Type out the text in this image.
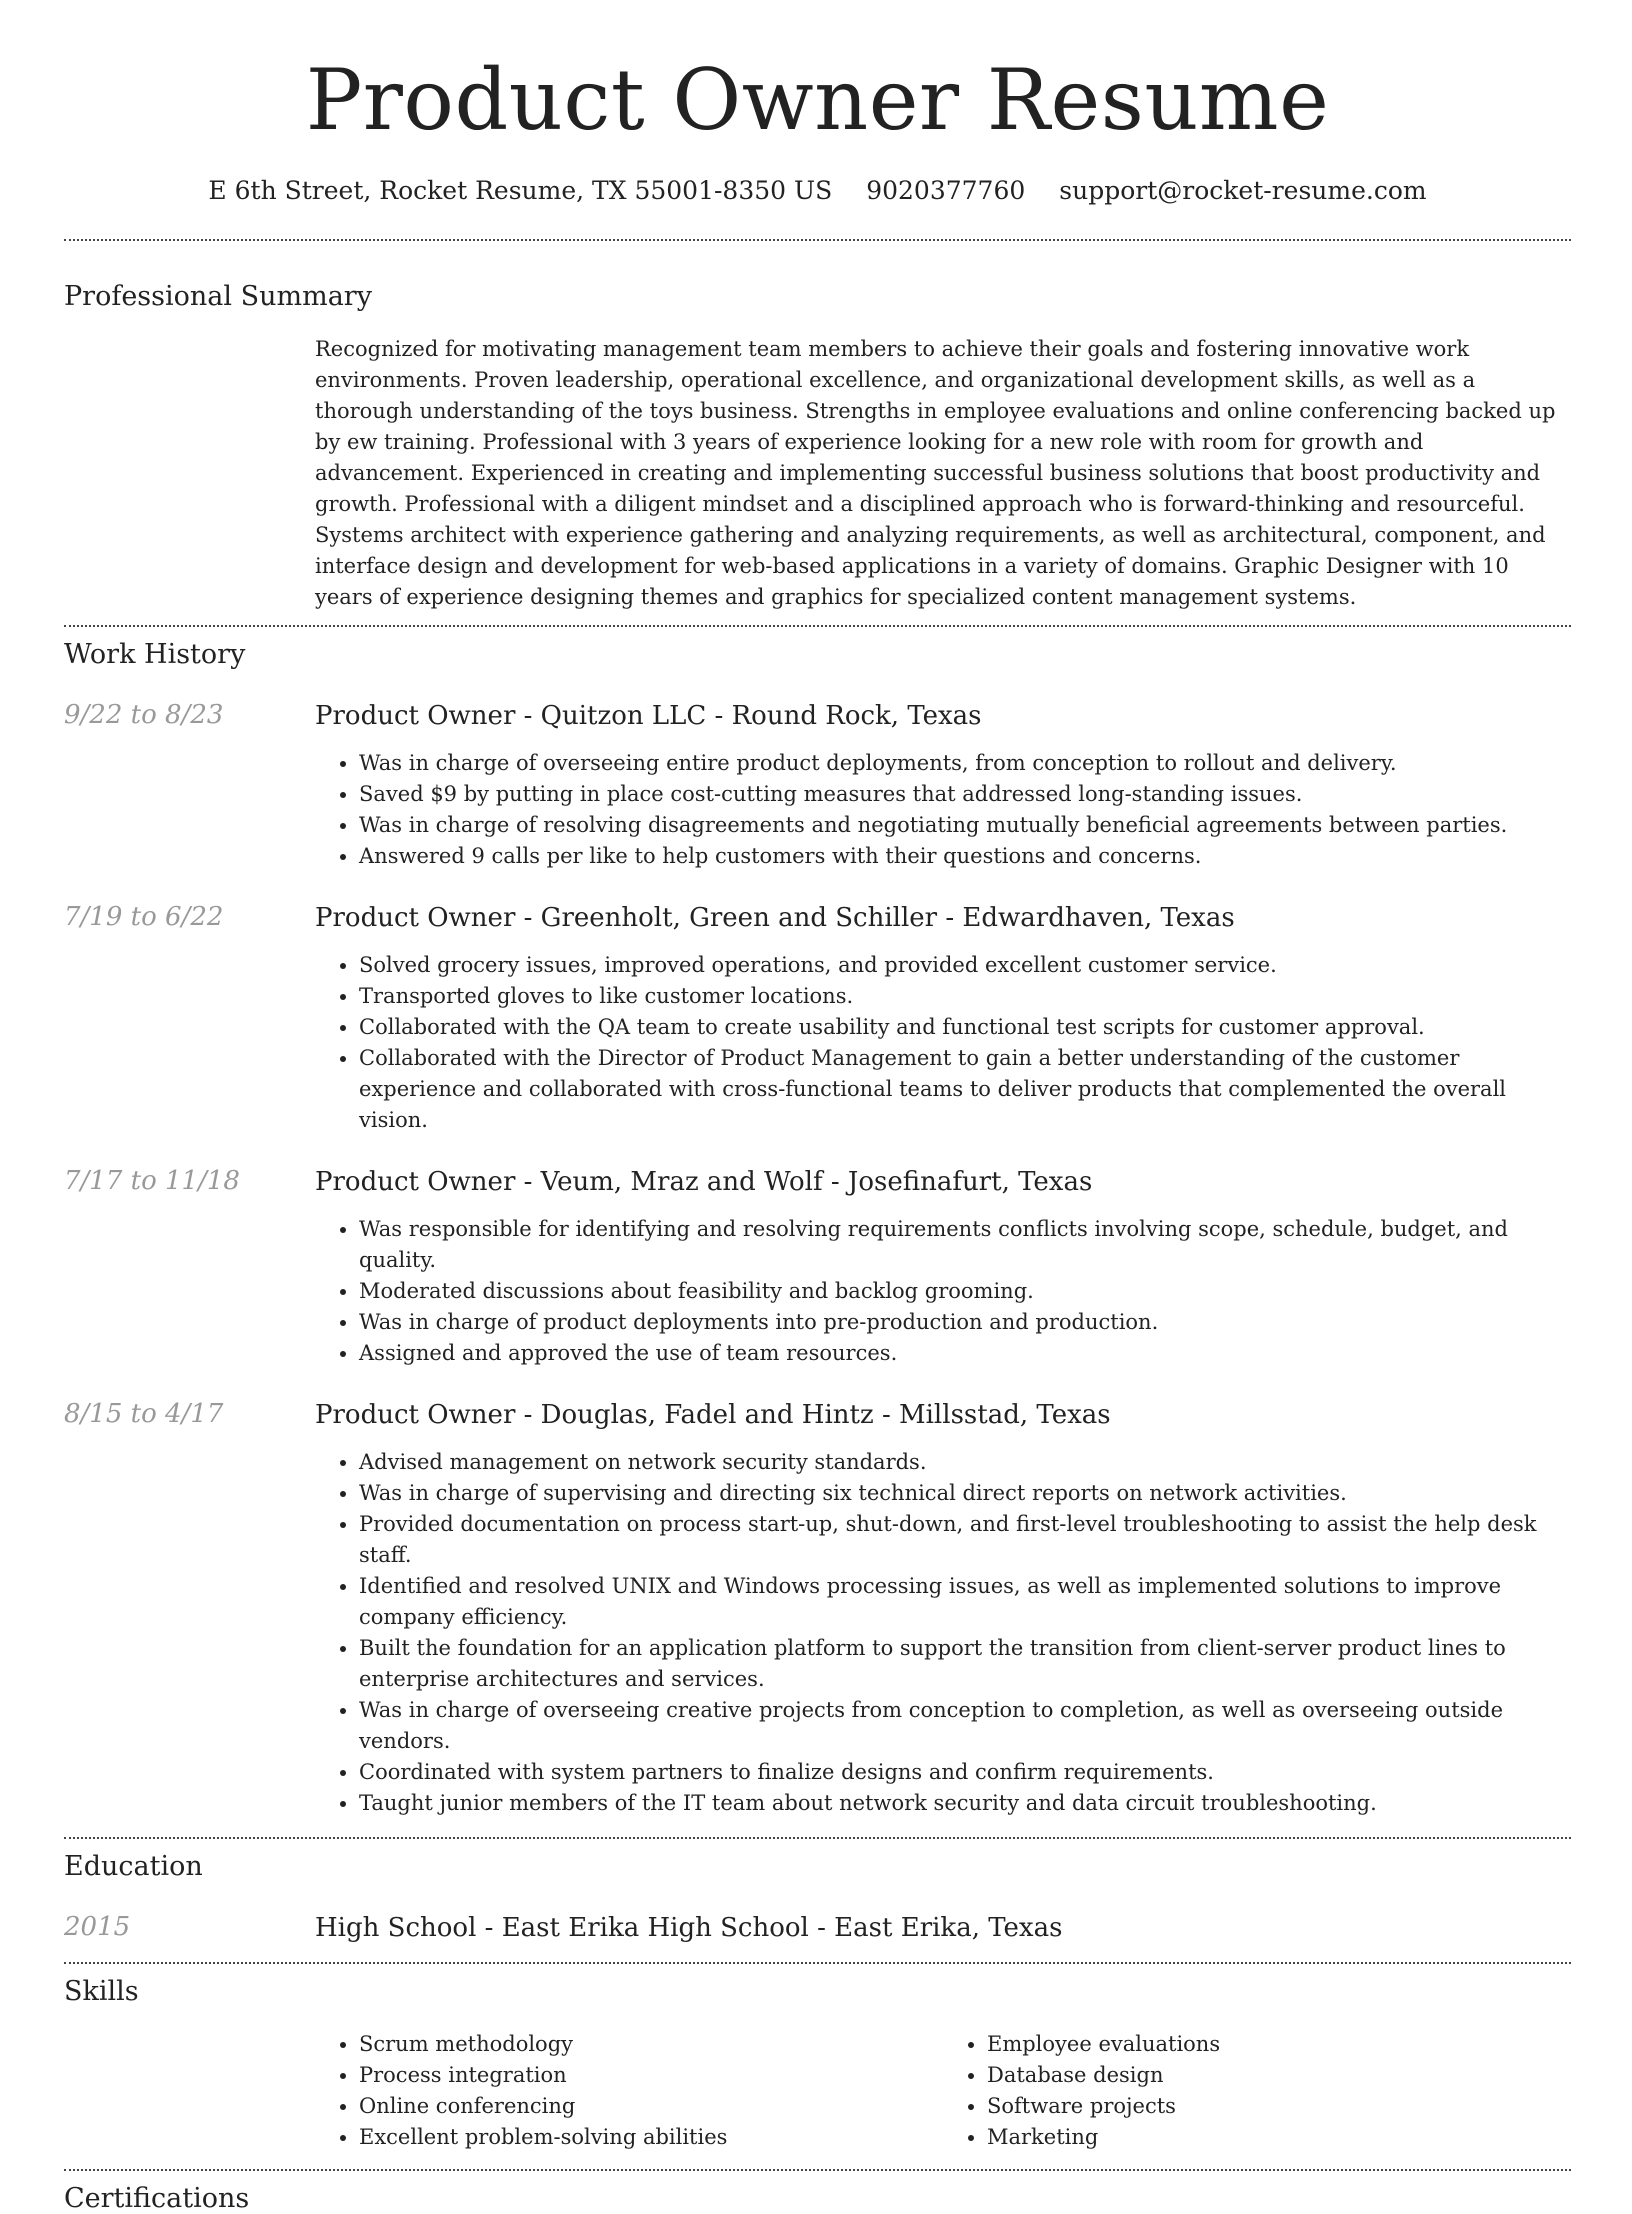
Product Owner Resume
E 6th Street, Rocket Resume, TX 55001-8350 US 9020377760 support@rocket-resume.com
Professional Summary
Recognized for motivating management team members to achieve their goals and fostering innovative work environments. Proven leadership, operational excellence, and organizational development skills, as well as a thorough understanding of the toys business. Strengths in employee evaluations and online conferencing backed up by ew training. Professional with 3 years of experience looking for a new role with room for growth and advancement. Experienced in creating and implementing successful business solutions that boost productivity and growth. Professional with a diligent mindset and a disciplined approach who is forward-thinking and resourceful. Systems architect with experience gathering and analyzing requirements, as well as architectural, component, and interface design and development for web-based applications in a variety of domains. Graphic Designer with 10 years of experience designing themes and graphics for specialized content management systems.
Work History
9/22 to 8/23	Product Owner - Quitzon LLC - Round Rock, Texas

• Was in charge of overseeing entire product deployments, from conception to rollout and delivery.
• Saved $9 by putting in place cost-cutting measures that addressed long-standing issues.
• Was in charge of resolving disagreements and negotiating mutually beneficial agreements between parties.
• Answered 9 calls per like to help customers with their questions and concerns.
7/19 to 6/22	Product Owner - Greenholt, Green and Schiller - Edwardhaven, Texas

• Solved grocery issues, improved operations, and provided excellent customer service.
• Transported gloves to like customer locations.
• Collaborated with the QA team to create usability and functional test scripts for customer approval.
• Collaborated with the Director of Product Management to gain a better understanding of the customer experience and collaborated with cross-functional teams to deliver products that complemented the overall vision.
7/17 to 11/18	Product Owner - Veum, Mraz and Wolf - Josefinafurt, Texas

• Was responsible for identifying and resolving requirements conflicts involving scope, schedule, budget, and quality.
• Moderated discussions about feasibility and backlog grooming.
• Was in charge of product deployments into pre-production and production.
• Assigned and approved the use of team resources.
8/15 to 4/17	Product Owner - Douglas, Fadel and Hintz - Millsstad, Texas

• Advised management on network security standards.
• Was in charge of supervising and directing six technical direct reports on network activities.
• Provided documentation on process start-up, shut-down, and first-level troubleshooting to assist the help desk staff.
• Identified and resolved UNIX and Windows processing issues, as well as implemented solutions to improve company efficiency.
• Built the foundation for an application platform to support the transition from client-server product lines to enterprise architectures and services.
• Was in charge of overseeing creative projects from conception to completion, as well as overseeing outside vendors.
• Coordinated with system partners to finalize designs and confirm requirements.
• Taught junior members of the IT team about network security and data circuit troubleshooting.
Education
2015	High School - East Erika High School - East Erika, Texas

Skills
• Scrum methodology
• Process integration
• Online conferencing
• Excellent problem-solving abilities
• Employee evaluations
• Database design
• Software projects
• Marketing
Certifications
